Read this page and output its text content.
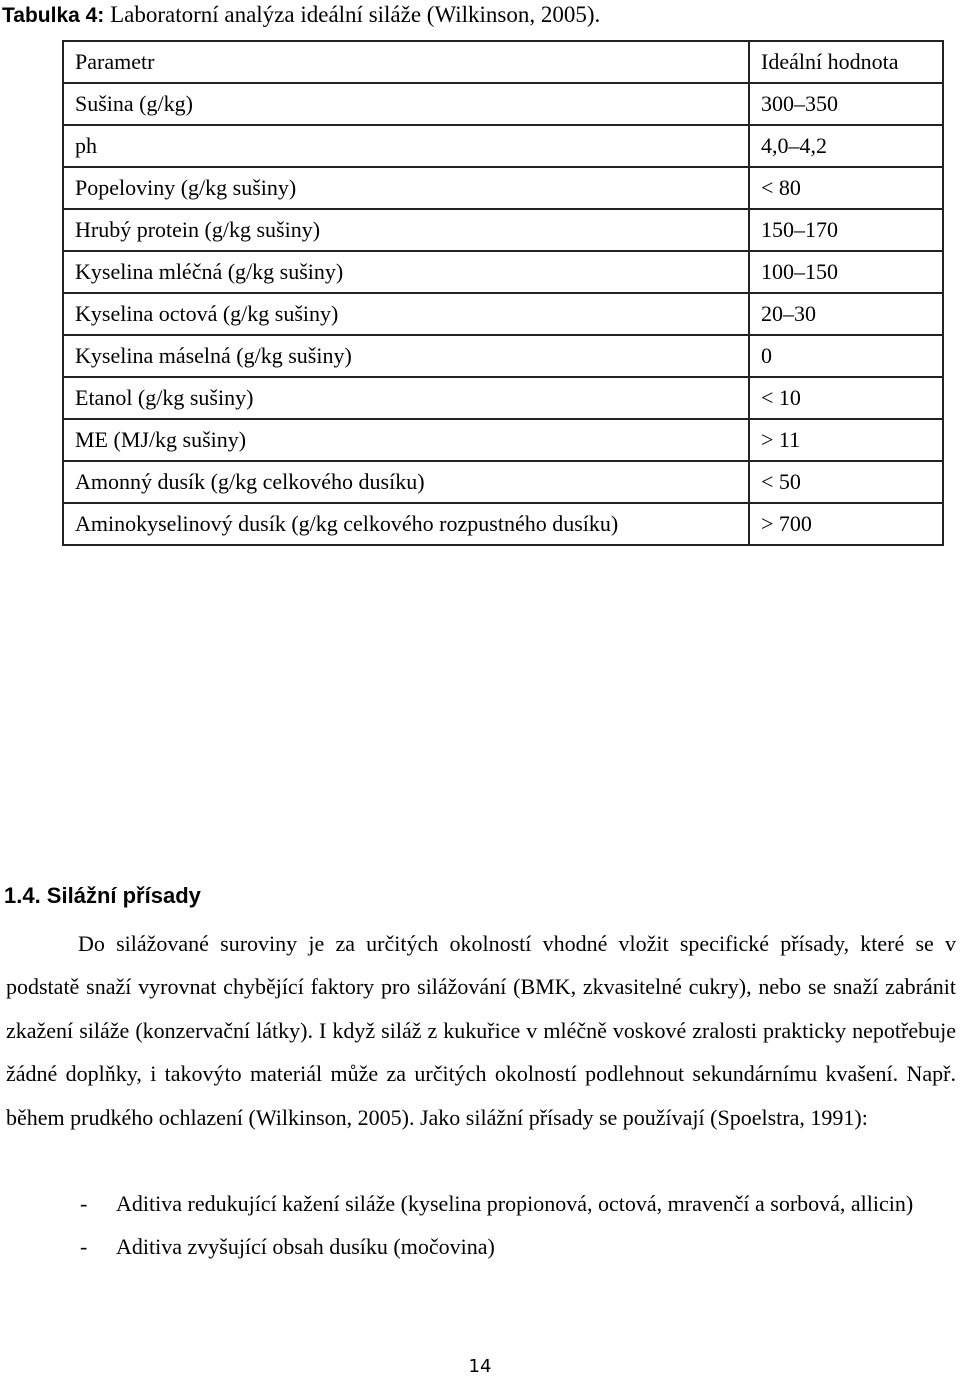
Tabulka 4: Laboratorní analýza ideální siláže (Wilkinson, 2005).
Parametr	Ideální hodnota
Sušina (g/kg)	300–350
ph	4,0–4,2
Popeloviny (g/kg sušiny)	< 80
Hrubý protein (g/kg sušiny)	150–170
Kyselina mléčná (g/kg sušiny)	100–150
Kyselina octová (g/kg sušiny)	20–30
Kyselina máselná (g/kg sušiny)	0
Etanol (g/kg sušiny)	< 10
ME (MJ/kg sušiny)	> 11
Amonný dusík (g/kg celkového dusíku)	< 50
Aminokyselinový dusík (g/kg celkového rozpustného dusíku)	> 700
1.4. Silážní přísady

Do silážované suroviny je za určitých okolností vhodné vložit specifické přísady, které se v podstatě snaží vyrovnat chybějící faktory pro silážování (BMK, zkvasitelné cukry), nebo se snaží zabránit zkažení siláže (konzervační látky). I když siláž z kukuřice v mléčně voskové zralosti prakticky nepotřebuje žádné doplňky, i takovýto materiál může za určitých okolností podlehnout sekundárnímu kvašení. Např. během prudkého ochlazení (Wilkinson, 2005). Jako silážní přísady se používají (Spoelstra, 1991):

- Aditiva redukující kažení siláže (kyselina propionová, octová, mravenčí a sorbová, allicin)
- Aditiva zvyšující obsah dusíku (močovina)
14
